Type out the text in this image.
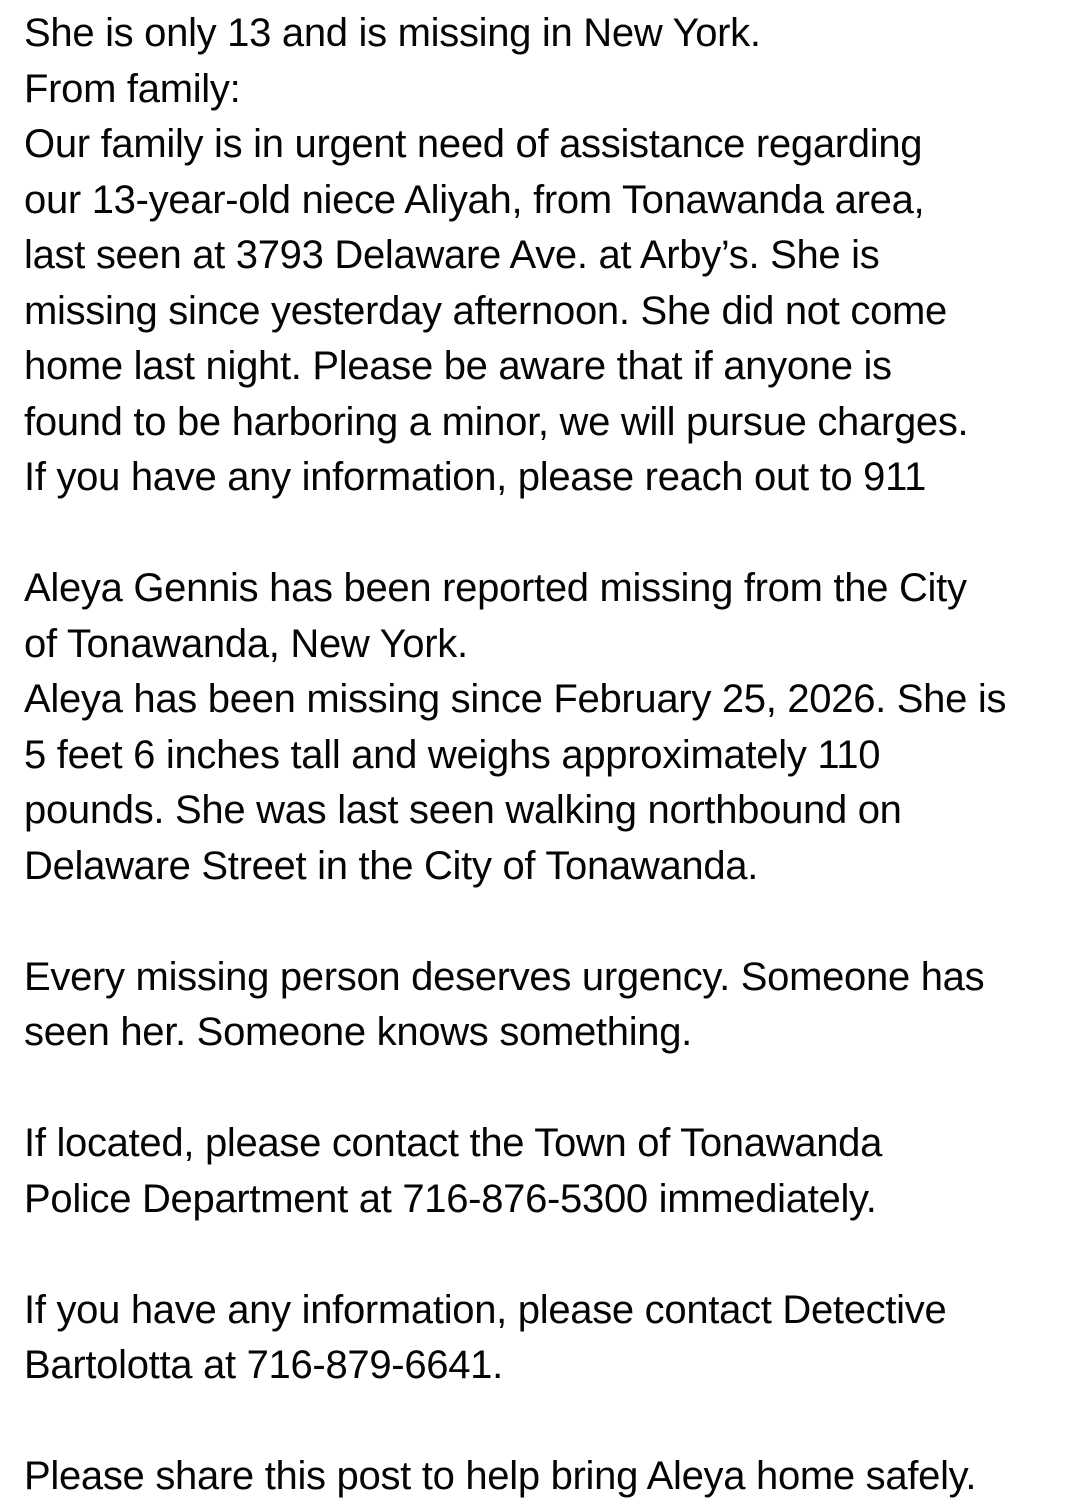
She is only 13 and is missing in New York.
From family:
Our family is in urgent need of assistance regarding
our 13-year-old niece Aliyah, from Tonawanda area,
last seen at 3793 Delaware Ave. at Arby’s. She is
missing since yesterday afternoon. She did not come
home last night. Please be aware that if anyone is
found to be harboring a minor, we will pursue charges.
If you have any information, please reach out to 911
Aleya Gennis has been reported missing from the City
of Tonawanda, New York.
Aleya has been missing since February 25, 2026. She is
5 feet 6 inches tall and weighs approximately 110
pounds. She was last seen walking northbound on
Delaware Street in the City of Tonawanda.
Every missing person deserves urgency. Someone has
seen her. Someone knows something.
If located, please contact the Town of Tonawanda
Police Department at 716-876-5300 immediately.
If you have any information, please contact Detective
Bartolotta at 716-879-6641.
Please share this post to help bring Aleya home safely.
